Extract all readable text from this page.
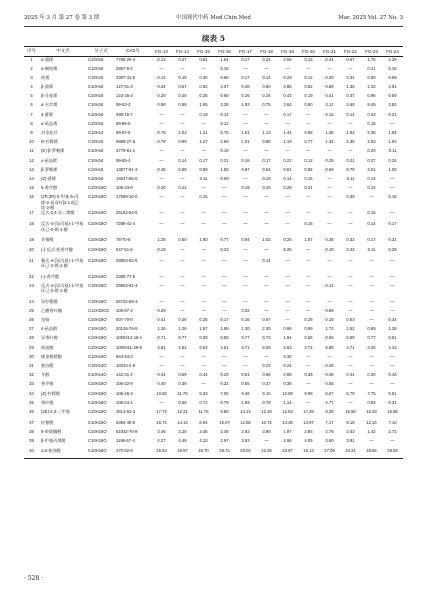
2025 年 3 月 第 27 卷 第 3 期	中国现代中药 Mod Chin Med	Mar. 2025 Vol. 27 No. 3
续表 5
序号	中文名	分子式	CAS号	FG-13	FG-14	FG-15	FG-16	FG-17	FG-18	FG-19	FG-20	FG-21	FG-22	FG-23	FG-24
1	α-蒎烯	C10H16	7785-26-4	0.13	0.27	0.61	1.54	0.17	0.24	0.56	0.13	0.44	0.67	1.75	2.39
2	α-侧柏烯	C10H16	2867-5-2	—	—	—	0.10	—	—	—	—	—	—	0.21	0.10
3	莰烯	C10H16	3387-41-5	0.12	0.15	0.30	0.86	0.17	0.14	0.29	0.12	0.30	0.31	0.90	0.59
4	β-蒎烯	C10H16	127-91-3	0.34	0.57	0.92	2.07	0.48	0.50	0.86	0.52	0.69	1.36	2.43	2.61
5	β-月桂烯	C10H16	123-35-3	0.20	0.28	0.35	0.68	0.26	0.24	0.43	0.19	0.41	0.37	0.96	0.59
6	α-水芹烯	C10H16	99-83-2	0.58	0.89	1.95	3.26	1.93	0.75	3.64	0.60	3.12	2.68	8.49	3.82
7	3-蒈烯	C10H16	498-15-7	—	—	0.10	0.14	—	—	0.17	—	0.15	0.14	0.43	0.21
8	α-萜品烯	C10H16	99-86-5	—	—	—	0.12	—	—	—	—	—	—	0.18	—
9	对伞花烃	C10H14	99-87-6	0.78	1.03	1.21	0.76	1.01	1.13	1.44	0.58	1.36	1.62	2.36	1.64
10	D-柠檬烯	C10H16	5989-27-5	0.79	0.99	1.27	2.69	1.01	0.88	1.19	0.77	1.32	1.35	2.53	1.83
11	(E)-β-罗勒烯	C10H16	3779-61-1	—	—	—	0.19	—	—	—	—	—	—	0.20	0.11
12	γ-萜品烯	C10H16	99-85-4	—	0.14	0.17	0.21	0.16	0.17	0.22	0.12	0.25	0.21	0.37	0.24
13	β-罗勒烯	C10H16	13877-91-3	0.45	0.56	0.69	1.56	0.67	0.54	0.61	0.82	0.58	0.79	2.01	1.08
14	(Z)-蒈烯	C10H16	15537-55-0	—	—	0.11	0.09	—	0.10	0.14	0.15	—	0.11	0.14	—
15	5-香芹醇	C10H16O	106-23-0	0.20	0.22	—	—	0.19	0.23	0.20	0.21	—	—	0.14	—
16	(2R,3R)-2-甲基-5-丙烯-2-基双环[3.1.0]己烷-2-醇	C10H18O	17699-16-0	—	—	0.15	—	—	—	—	—	—	0.39	—	0.15
17	反式-2,4-癸二烯醛	C10H16O	25152-84-5	—	—	—	—	—	—	—	—	—	—	0.16	—
18	反式-4-(异丙基)-1-甲基环己-2-烯-1-醇	C10H18O	7299-41-4	—	—	—	—	—	—	—	0.16	—	—	0.14	0.17
19	芳樟醇	C10H18O	78-70-6	1.25	0.50	1.90	0.77	0.94	1.03	0.25	1.07	0.36	0.32	0.17	0.31
20	(-)-反式-松香芹醇	C10H16O	547-61-5	0.19	—	—	0.23	—	—	0.25	—	0.10	0.32	0.11	0.28
21	顺式-4-(异丙基)-1-甲基环己-2-烯-1-醇	C10H18O	29803-82-5	—	—	—	—	—	0.14	—	—	—	—	—	—
22	(-)-香芹醇	C10H16O	2385-77-5	—	—	—	—	—	—	—	—	—	—	—	—
23	反式-4-(异丙基)-1-甲基环己-2-烯-1-醇	C10H18O	29803-81-4	—	—	—	—	—	—	—	—	0.14	—	—	—
24	异柠檬醛	C10H16O	55722-59-3	—	—	—	—	—	—	—	—	—	—	—	—
25	乙酸香叶酯	C12H20O2	105-87-3	0.29	—	—	—	0.32	—	—	—	0.89	—	—	—
26	龙脑	C10H18O	507-70-0	0.41	0.26	0.35	0.17	0.16	0.67	—	0.28	0.18	0.53	—	0.34
27	4-萜品醇	C10H18O	20126-76-5	1.26	1.26	1.87	1.58	1.30	2.30	0.96	0.99	1.72	1.52	0.89	1.28
28	异香叶醇	C10H18O	1000414-18-1	0.71	0.77	0.38	0.56	0.77	0.73	1.94	0.66	0.56	0.59	0.77	0.51
29	桉油醇	C10H18O	1000411-39-6	4.81	4.52	6.53	4.51	4.71	8.09	3.63	3.74	6.88	4.71	3.26	4.43
30	桃金娘烯醇	C10H16O	564-94-3	—	—	—	—	—	—	0.36	—	—	—	—	—
31	紫苏醛	C10H14O	18310-2-9	—	—	—	—	—	0.23	0.24	—	0.28	—	—	—
32	苄醇	C10H14O	142-31-2	0.42	0.50	0.44	0.29	0.51	0.56	0.69	0.38	0.38	0.44	0.30	0.43
33	香芹醇	C10H16O	106-22-9	0.40	0.39	—	0.32	0.55	0.37	0.38	—	0.55	—	—	—
34	(Z)-柠檬醛	C10H16O	106-26-3	10.83	11.78	5.33	7.05	9.46	9.15	10.69	9.98	5.67	5.79	7.75	5.51
35	香叶醇	C10H18O	106-24-1	—	0.89	0.72	0.79	1.93	0.78	1.14	—	2.77	—	0.55	0.31
36	(2E)-2,3-二甲基	C10H18O	3913-81-3	17.74	12.21	11.76	9.88	14.14	12.18	12.53	17.28	9.39	16.50	10.33	15.66
37	柠檬醛	C10H16O	5392-40-5	15.71	14.14	6.94	10.07	12.96	10.72	14.38	13.97	7.17	8.18	12.14	7.10
38	6-莰烯酮醇	C10H16O	51932-70-8	3.46	3.28	3.46	2.45	2.92	3.90	1.97	2.65	2.78	3.03	1.42	2.72
39	β-甲基丙烯醛	C10H16O	1196-67-4	4.27	4.49	4.23	2.97	3.93	—	2.66	4.05	3.60	3.91	—	—
40	1,8-桉油醇	C10H18O	470-82-6	15.53	19.87	26.70	28.74	20.03	22.49	23.67	15.13	27.09	23.21	26.66	28.93
· 528 ·
